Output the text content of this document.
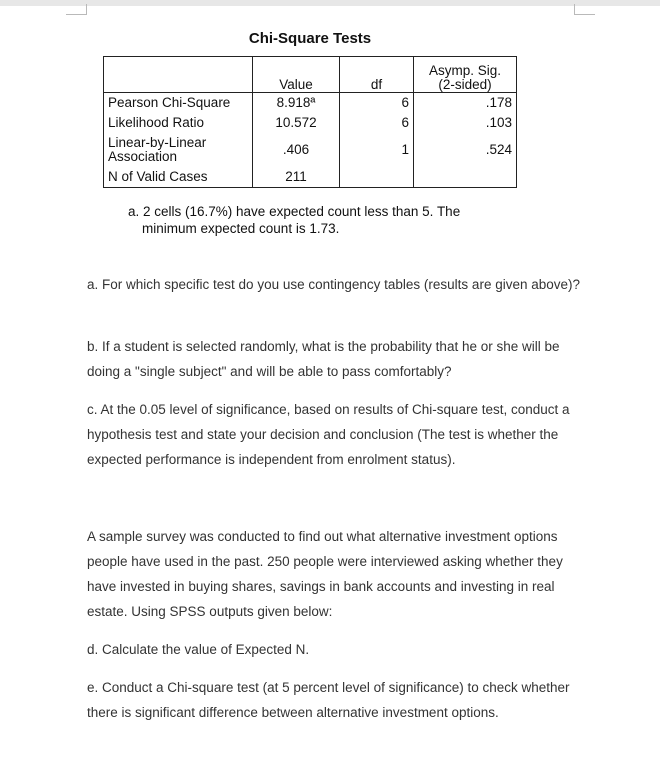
Chi-Square Tests
	Value	df	Asymp. Sig.
(2-sided)

Pearson Chi-Square	8.918ª	6	.178
Likelihood Ratio	10.572	6	.103

Linear-by-Linear
Association	.406	1	.524
N of Valid Cases	211		
a. 2 cells (16.7%) have expected count less than 5. The
minimum expected count is 1.73.
a. For which specific test do you use contingency tables (results are given above)?
b. If a student is selected randomly, what is the probability that he or she will be doing a "single subject" and will be able to pass comfortably?
c. At the 0.05 level of significance, based on results of Chi-square test, conduct a hypothesis test and state your decision and conclusion (The test is whether the expected performance is independent from enrolment status).
A sample survey was conducted to find out what alternative investment options people have used in the past. 250 people were interviewed asking whether they have invested in buying shares, savings in bank accounts and investing in real estate. Using SPSS outputs given below:
d. Calculate the value of Expected N.
e. Conduct a Chi-square test (at 5 percent level of significance) to check whether there is significant difference between alternative investment options.
